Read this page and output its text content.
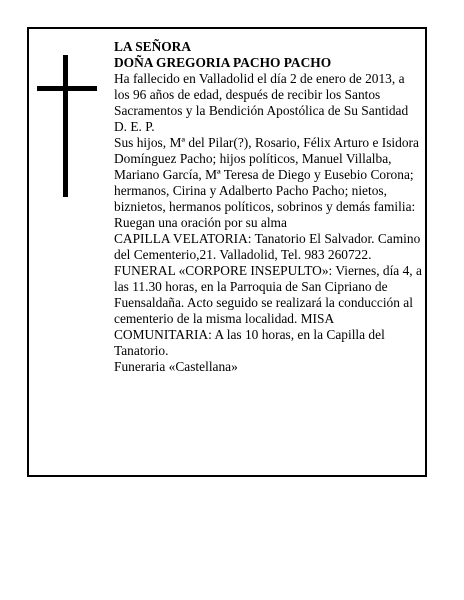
LA SEÑORA

DOÑA GREGORIA PACHO PACHO

Ha fallecido en Valladolid el día 2 de enero de 2013, a los 96 años de edad, después de recibir los Santos Sacramentos y la Bendición Apostólica de Su Santidad D. E. P.

Sus hijos, Mª del Pilar(?), Rosario, Félix Arturo e Isidora Domínguez Pacho; hijos políticos, Manuel Villalba, Mariano García, Mª Teresa de Diego y Eusebio Corona; hermanos, Cirina y Adalberto Pacho Pacho; nietos, biznietos, hermanos políticos, sobrinos y demás familia:

Ruegan una oración por su alma

CAPILLA VELATORIA: Tanatorio El Salvador. Camino del Cementerio,21. Valladolid, Tel. 983 260722.

FUNERAL «CORPORE INSEPULTO»: Viernes, día 4, a las 11.30 horas, en la Parroquia de San Cipriano de Fuensaldaña. Acto seguido se realizará la conducción al cementerio de la misma localidad. MISA COMUNITARIA: A las 10 horas, en la Capilla del Tanatorio.

Funeraria «Castellana»
